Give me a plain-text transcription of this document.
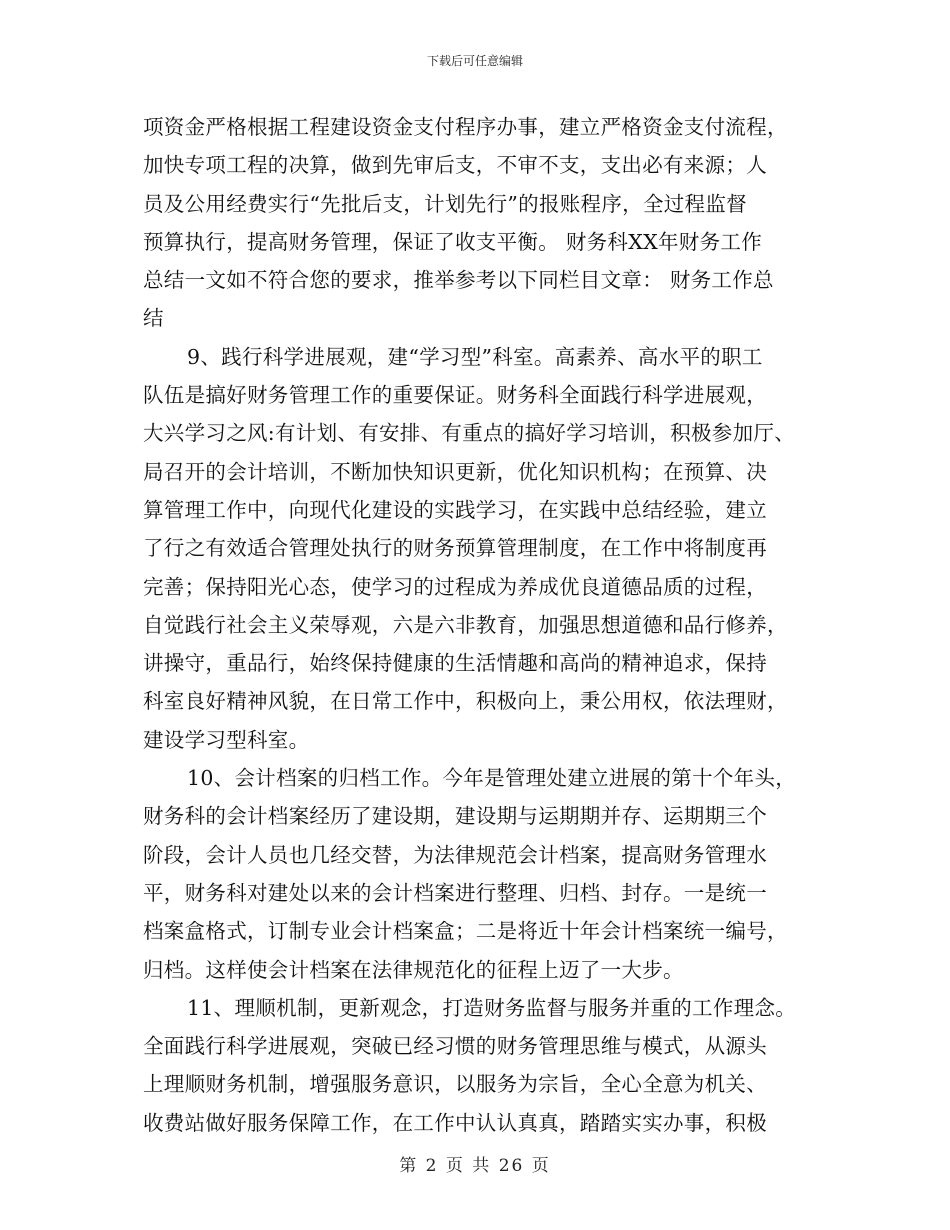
下载后可任意编辑
项资金严格根据工程建设资金支付程序办事，建立严格资金支付流程，
加快专项工程的决算，做到先审后支，不审不支，支出必有来源；人
员及公用经费实行“先批后支，计划先行”的报账程序，全过程监督
预算执行，提高财务管理，保证了收支平衡。 财务科XX年财务工作
总结一文如不符合您的要求，推举参考以下同栏目文章： 财务工作总
结
9、践行科学进展观，建“学习型”科室。高素养、高水平的职工
队伍是搞好财务管理工作的重要保证。财务科全面践行科学进展观，
大兴学习之风:有计划、有安排、有重点的搞好学习培训，积极参加厅、
局召开的会计培训，不断加快知识更新，优化知识机构；在预算、决
算管理工作中，向现代化建设的实践学习，在实践中总结经验，建立
了行之有效适合管理处执行的财务预算管理制度，在工作中将制度再
完善；保持阳光心态，使学习的过程成为养成优良道德品质的过程，
自觉践行社会主义荣辱观，六是六非教育，加强思想道德和品行修养，
讲操守，重品行，始终保持健康的生活情趣和高尚的精神追求，保持
科室良好精神风貌，在日常工作中，积极向上，秉公用权，依法理财，
建设学习型科室。
10、会计档案的归档工作。今年是管理处建立进展的第十个年头，
财务科的会计档案经历了建设期，建设期与运期期并存、运期期三个
阶段，会计人员也几经交替，为法律规范会计档案，提高财务管理水
平，财务科对建处以来的会计档案进行整理、归档、封存。一是统一
档案盒格式，订制专业会计档案盒；二是将近十年会计档案统一编号，
归档。这样使会计档案在法律规范化的征程上迈了一大步。
11、理顺机制，更新观念，打造财务监督与服务并重的工作理念。
全面践行科学进展观，突破已经习惯的财务管理思维与模式，从源头
上理顺财务机制，增强服务意识，以服务为宗旨，全心全意为机关、
收费站做好服务保障工作，在工作中认认真真，踏踏实实办事，积极
第 2 页 共 26 页
